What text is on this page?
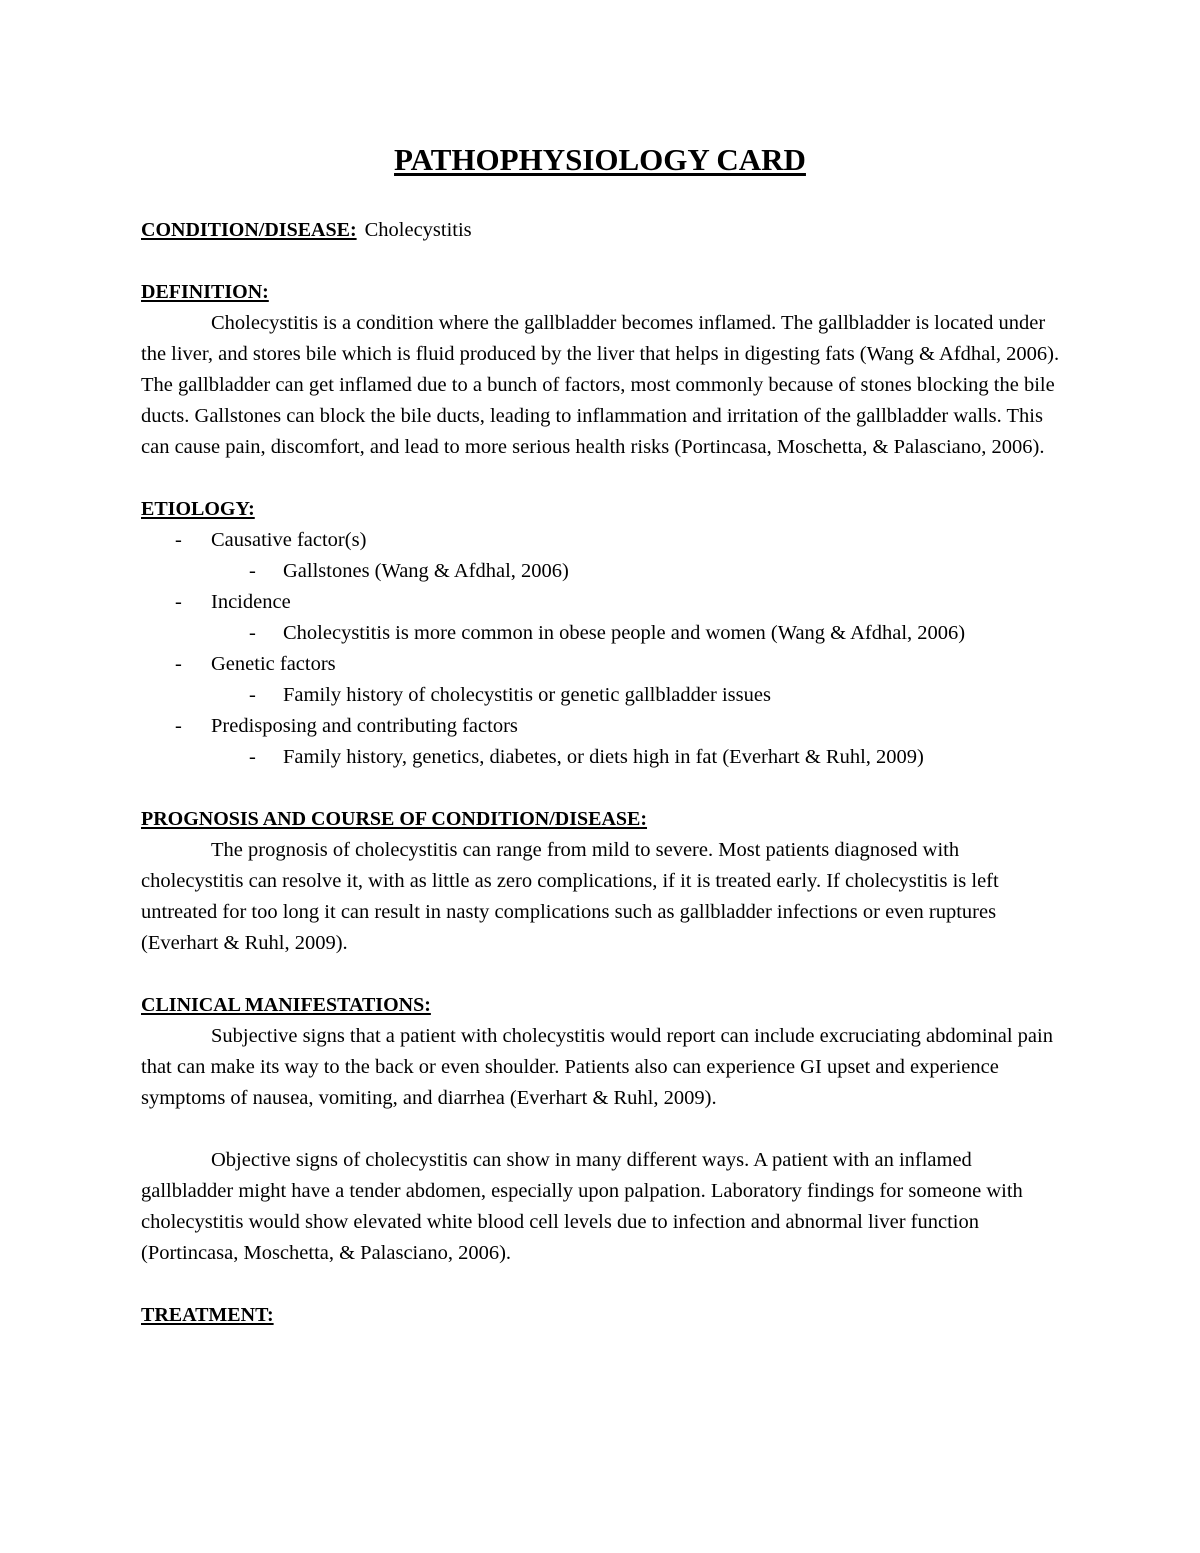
PATHOPHYSIOLOGY CARD

CONDITION/DISEASE: Cholecystitis

DEFINITION:

Cholecystitis is a condition where the gallbladder becomes inflamed. The gallbladder is located under the liver, and stores bile which is fluid produced by the liver that helps in digesting fats (Wang & Afdhal, 2006). The gallbladder can get inflamed due to a bunch of factors, most commonly because of stones blocking the bile ducts. Gallstones can block the bile ducts, leading to inflammation and irritation of the gallbladder walls. This can cause pain, discomfort, and lead to more serious health risks (Portincasa, Moschetta, & Palasciano, 2006).

ETIOLOGY:

- Causative factor(s)
- Gallstones (Wang & Afdhal, 2006)
- Incidence
- Cholecystitis is more common in obese people and women (Wang & Afdhal, 2006)
- Genetic factors
- Family history of cholecystitis or genetic gallbladder issues
- Predisposing and contributing factors
- Family history, genetics, diabetes, or diets high in fat (Everhart & Ruhl, 2009)

PROGNOSIS AND COURSE OF CONDITION/DISEASE:

The prognosis of cholecystitis can range from mild to severe. Most patients diagnosed with cholecystitis can resolve it, with as little as zero complications, if it is treated early. If cholecystitis is left untreated for too long it can result in nasty complications such as gallbladder infections or even ruptures (Everhart & Ruhl, 2009).

CLINICAL MANIFESTATIONS:

Subjective signs that a patient with cholecystitis would report can include excruciating abdominal pain that can make its way to the back or even shoulder. Patients also can experience GI upset and experience symptoms of nausea, vomiting, and diarrhea (Everhart & Ruhl, 2009).

Objective signs of cholecystitis can show in many different ways. A patient with an inflamed gallbladder might have a tender abdomen, especially upon palpation. Laboratory findings for someone with cholecystitis would show elevated white blood cell levels due to infection and abnormal liver function (Portincasa, Moschetta, & Palasciano, 2006).

TREATMENT:
